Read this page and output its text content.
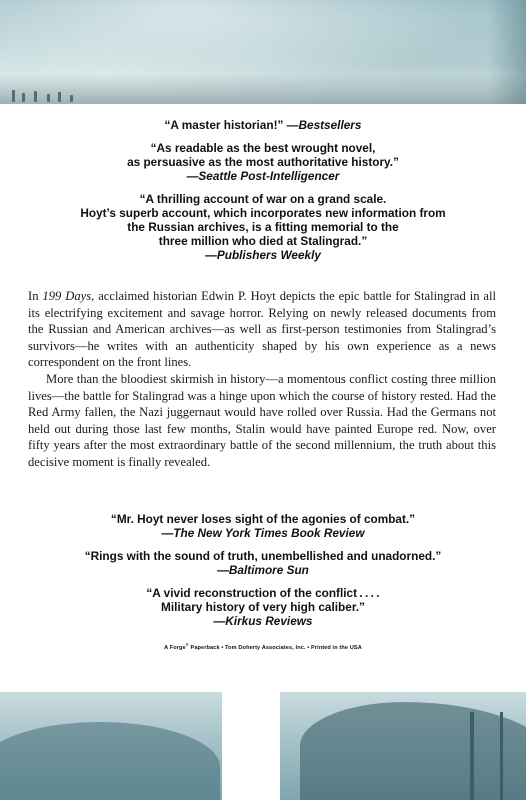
“A master historian!” —Bestsellers

“As readable as the best wrought novel,
as persuasive as the most authoritative history.”
—Seattle Post-Intelligencer

“A thrilling account of war on a grand scale.
Hoyt’s superb account, which incorporates new information from
the Russian archives, is a fitting memorial to the
three million who died at Stalingrad.”
—Publishers Weekly

In 199 Days, acclaimed historian Edwin P. Hoyt depicts the epic battle for Stalingrad in all its electrifying excitement and savage horror. Relying on newly released documents from the Russian and American archives—as well as first-person testimonies from Stalingrad’s survivors—he writes with an authenticity shaped by his own experience as a news correspondent on the front lines.

More than the bloodiest skirmish in history—a momentous conflict costing three million lives—the battle for Stalingrad was a hinge upon which the course of history rested. Had the Red Army fallen, the Nazi juggernaut would have rolled over Russia. Had the Germans not held out during those last few months, Stalin would have painted Europe red. Now, over fifty years after the most extraordinary battle of the second millennium, the truth about this decisive moment is finally revealed.

“Mr. Hoyt never loses sight of the agonies of combat.”
—The New York Times Book Review

“Rings with the sound of truth, unembellished and unadorned.”
—Baltimore Sun

“A vivid reconstruction of the conflict . . . .
Military history of very high caliber.”
—Kirkus Reviews

A Forge® Paperback • Tom Doherty Associates, Inc. • Printed in the USA
